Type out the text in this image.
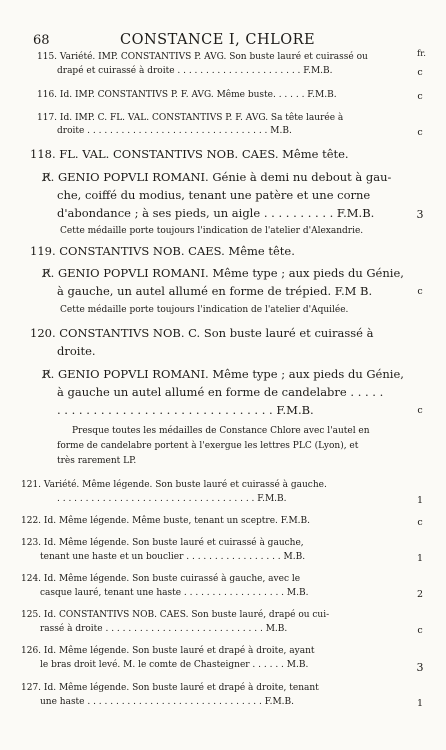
68	CONSTANCE I, CHLORE
fr.
115. Variété. IMP. CONSTANTIVS P. AVG. Son buste lauré et cuirassé ou
drapé et cuirassé à droite . . . . . . . . . . . . . . . . . . . . . . F.M.B.
116. Id. IMP. CONSTANTIVS P. F. AVG. Même buste. . . . . . F.M.B.
117. Id. IMP. C. FL. VAL. CONSTANTIVS P. F. AVG. Sa tête laurée à
droite . . . . . . . . . . . . . . . . . . . . . . . . . . . . . . . . M.B.
118. FL. VAL. CONSTANTIVS NOB. CAES. Même tête.
R̸. GENIO POPVLI ROMANI. Génie à demi nu debout à gau-
che, coiffé du modius, tenant une patère et une corne
d'abondance ; à ses pieds, un aigle . . . . . . . . . . F.M.B.
Cette médaille porte toujours l'indication de l'atelier d'Alexandrie.
119. CONSTANTIVS NOB. CAES. Même tête.
R̸. GENIO POPVLI ROMANI. Même type ; aux pieds du Génie,
à gauche, un autel allumé en forme de trépied. F.M B.
Cette médaille porte toujours l'indication de l'atelier d'Aquilée.
120. CONSTANTIVS NOB. C. Son buste lauré et cuirassé à
droite.
R̸. GENIO POPVLI ROMANI. Même type ; aux pieds du Génie,
à gauche un autel allumé en forme de candelabre . . . . .
. . . . . . . . . . . . . . . . . . . . . . . . . . . . . . F.M.B.
Presque toutes les médailles de Constance Chlore avec l'autel en
forme de candelabre portent à l'exergue les lettres PLC (Lyon), et
très rarement LP.
121. Variété. Même légende. Son buste lauré et cuirassé à gauche.
. . . . . . . . . . . . . . . . . . . . . . . . . . . . . . . . . . . F.M.B.
122. Id. Même légende. Même buste, tenant un sceptre. F.M.B.
123. Id. Même légende. Son buste lauré et cuirassé à gauche,
tenant une haste et un bouclier . . . . . . . . . . . . . . . . . M.B.
124. Id. Même légende. Son buste cuirassé à gauche, avec le
casque lauré, tenant une haste . . . . . . . . . . . . . . . . . . M.B.
125. Id. CONSTANTIVS NOB. CAES. Son buste lauré, drapé ou cui-
rassé à droite . . . . . . . . . . . . . . . . . . . . . . . . . . . . M.B.
126. Id. Même légende. Son buste lauré et drapé à droite, ayant
le bras droit levé. M. le comte de Chasteigner . . . . . . M.B.
127. Id. Même légende. Son buste lauré et drapé à droite, tenant
une haste . . . . . . . . . . . . . . . . . . . . . . . . . . . . . . . F.M.B.
c
c
c
3
c
c
1
c
1
2
c
3
1
